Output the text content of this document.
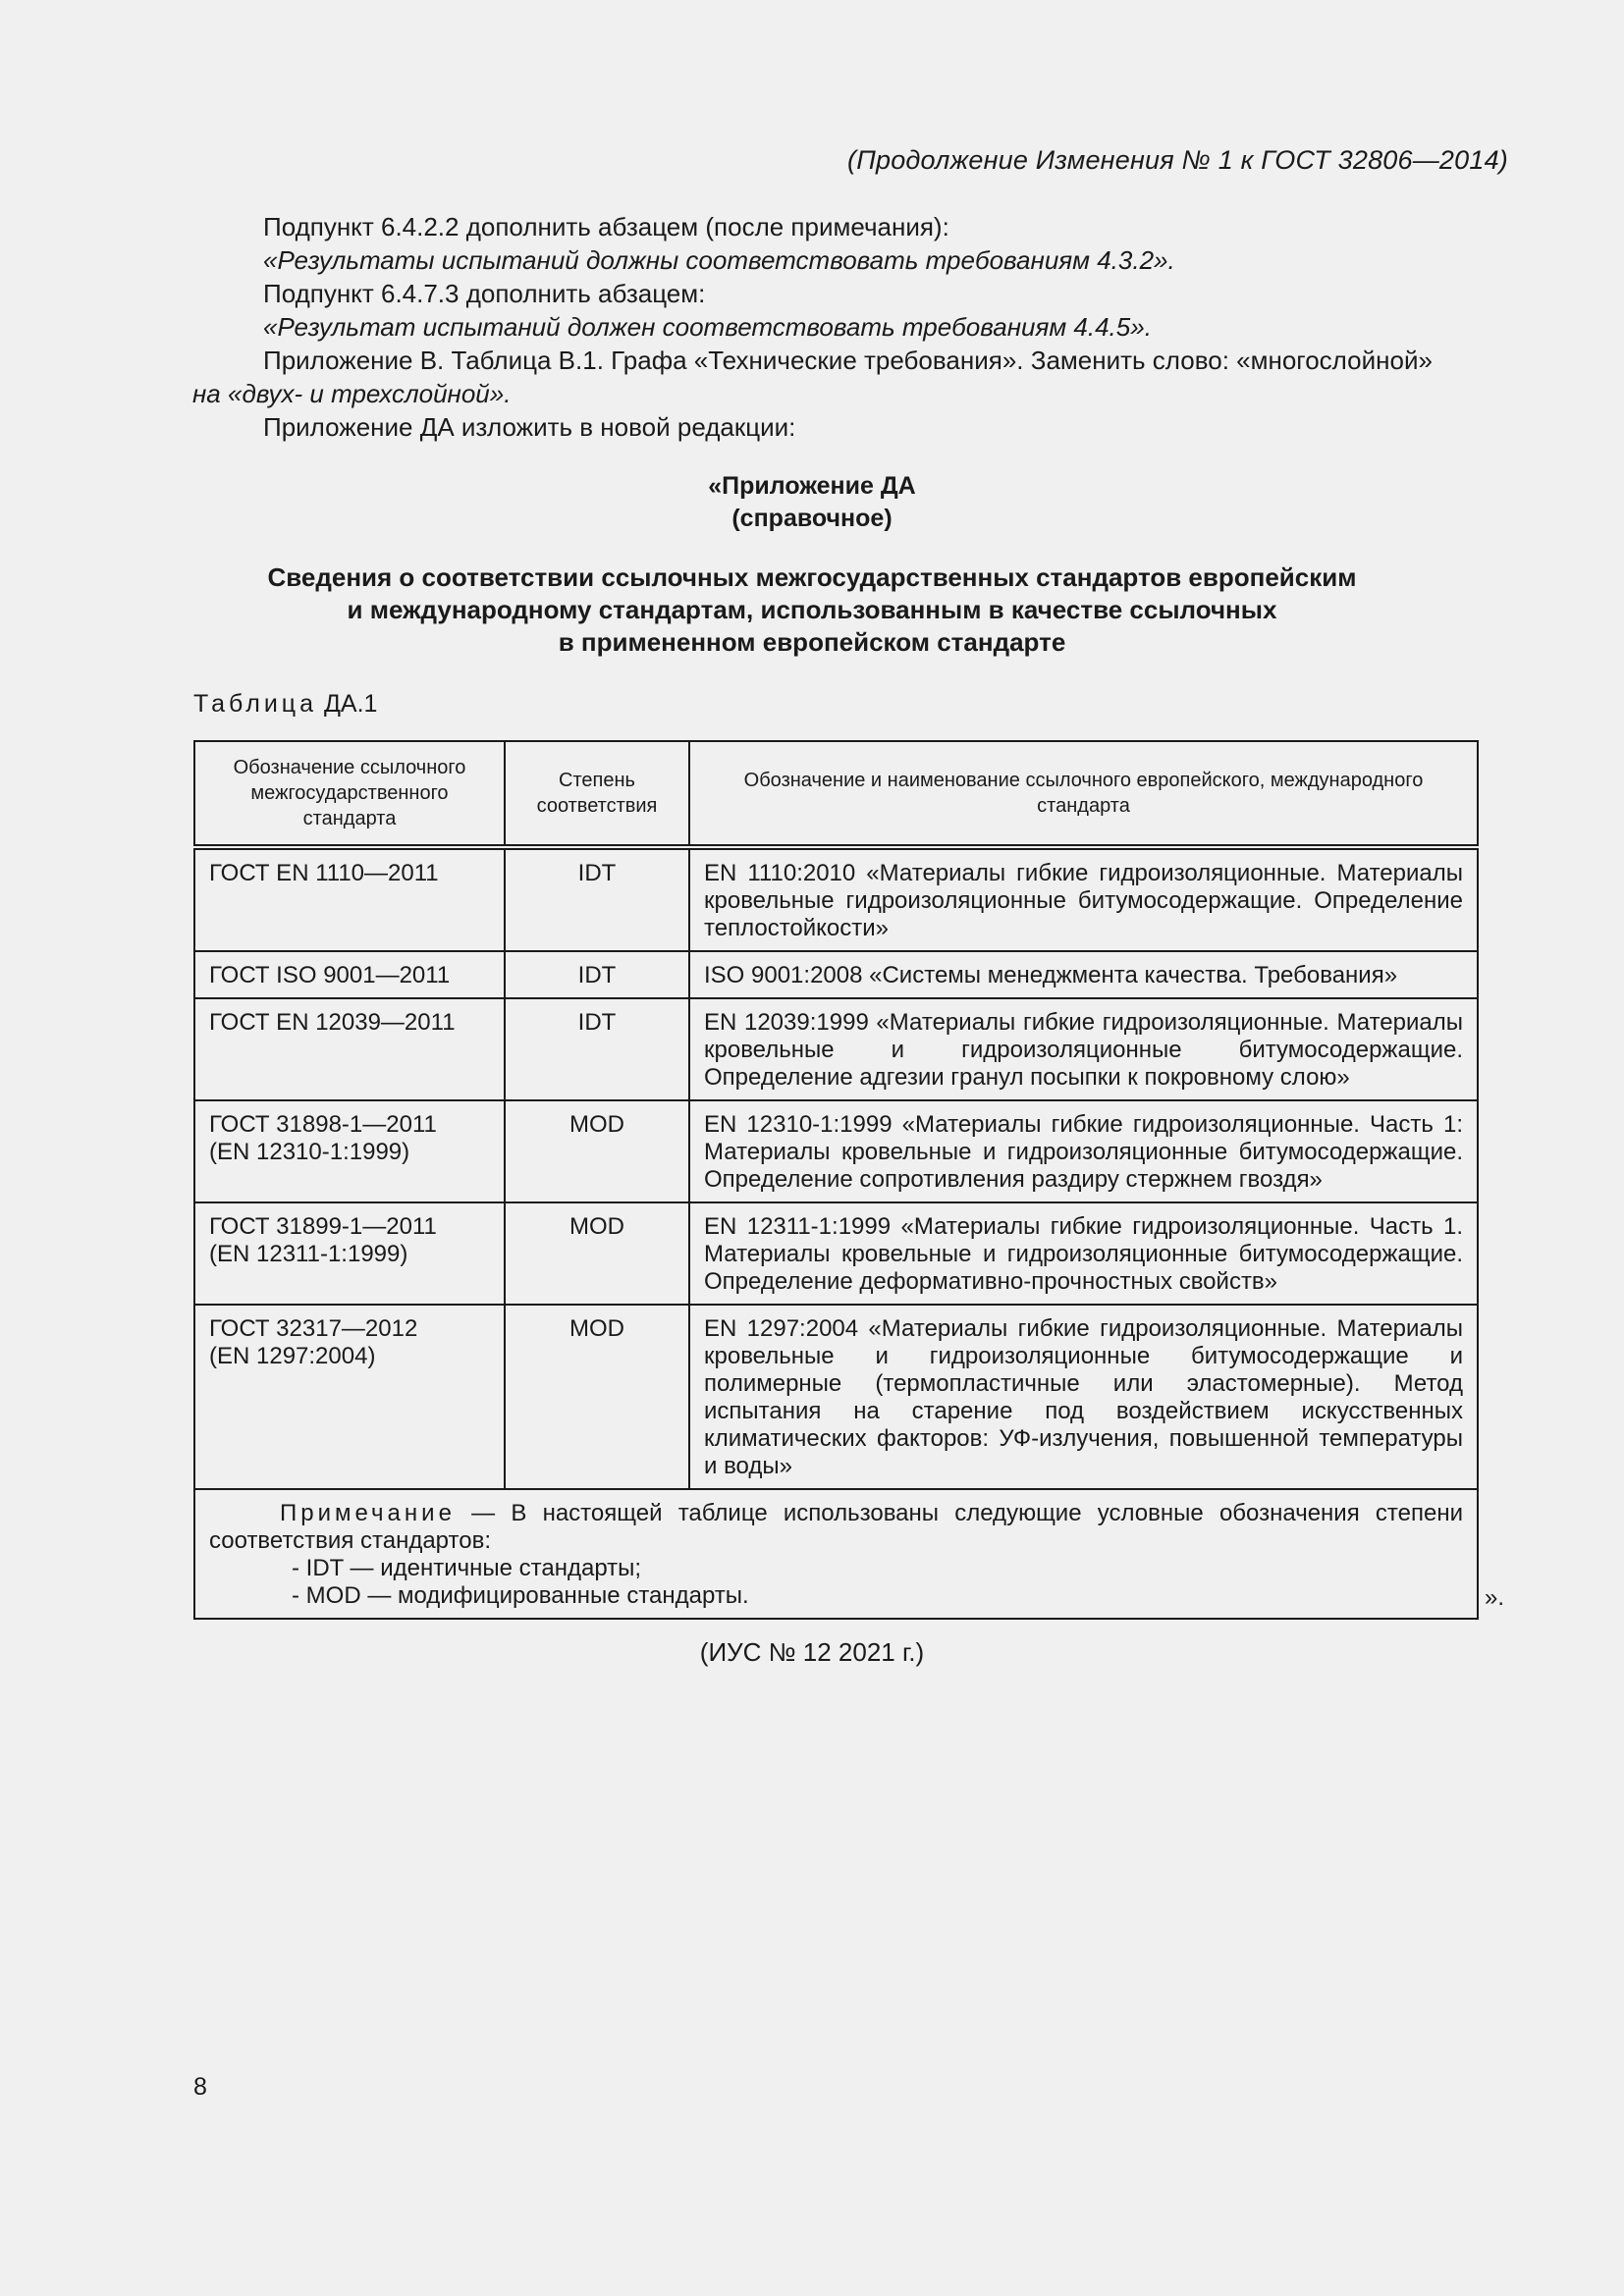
(Продолжение Изменения № 1 к ГОСТ 32806—2014)

Подпункт 6.4.2.2 дополнить абзацем (после примечания):

«Результаты испытаний должны соответствовать требованиям 4.3.2».

Подпункт 6.4.7.3 дополнить абзацем:

«Результат испытаний должен соответствовать требованиям 4.4.5».

Приложение В. Таблица В.1. Графа «Технические требования». Заменить слово: «многослойной»

на «двух- и трехслойной».

Приложение ДА изложить в новой редакции:

«Приложение ДА
(справочное)
Сведения о соответствии ссылочных межгосударственных стандартов европейским
и международному стандартам, использованным в качестве ссылочных
в примененном европейском стандарте
Таблица ДА.1
Обозначение ссылочного межгосударственного стандарта	Степень соответствия	Обозначение и наименование ссылочного европейского, международного стандарта

ГОСТ EN 1110—2011	IDT	EN 1110:2010 «Материалы гибкие гидроизоляционные. Материалы кровельные гидроизоляционные битумосодержащие. Определение теплостойкости»

ГОСТ ISO 9001—2011	IDT	ISO 9001:2008 «Системы менеджмента качества. Требования»

ГОСТ EN 12039—2011	IDT	EN 12039:1999 «Материалы гибкие гидроизоляционные. Материалы кровельные и гидроизоляционные битумосодержащие. Определение адгезии гранул посыпки к покровному слою»

ГОСТ 31898-1—2011
(EN 12310-1:1999)	MOD	EN 12310-1:1999 «Материалы гибкие гидроизоляционные. Часть 1: Материалы кровельные и гидроизоляционные битумосодержащие. Определение сопротивления раздиру стержнем гвоздя»

ГОСТ 31899-1—2011
(EN 12311-1:1999)	MOD	EN 12311-1:1999 «Материалы гибкие гидроизоляционные. Часть 1. Материалы кровельные и гидроизоляционные битумосодержащие. Определение деформативно-прочностных свойств»

ГОСТ 32317—2012
(EN 1297:2004)	MOD	EN 1297:2004 «Материалы гибкие гидроизоляционные. Материалы кровельные и гидроизоляционные битумосодержащие и полимерные (термопластичные или эластомерные). Метод испытания на старение под воздействием искусственных климатических факторов: УФ-излучения, повышенной температуры и воды»

Примечание — В настоящей таблице использованы следующие условные обозначения степени соответствия стандартов:

- IDT — идентичные стандарты;

- MOD — модифицированные стандарты.			».
(ИУС № 12 2021 г.)
8
